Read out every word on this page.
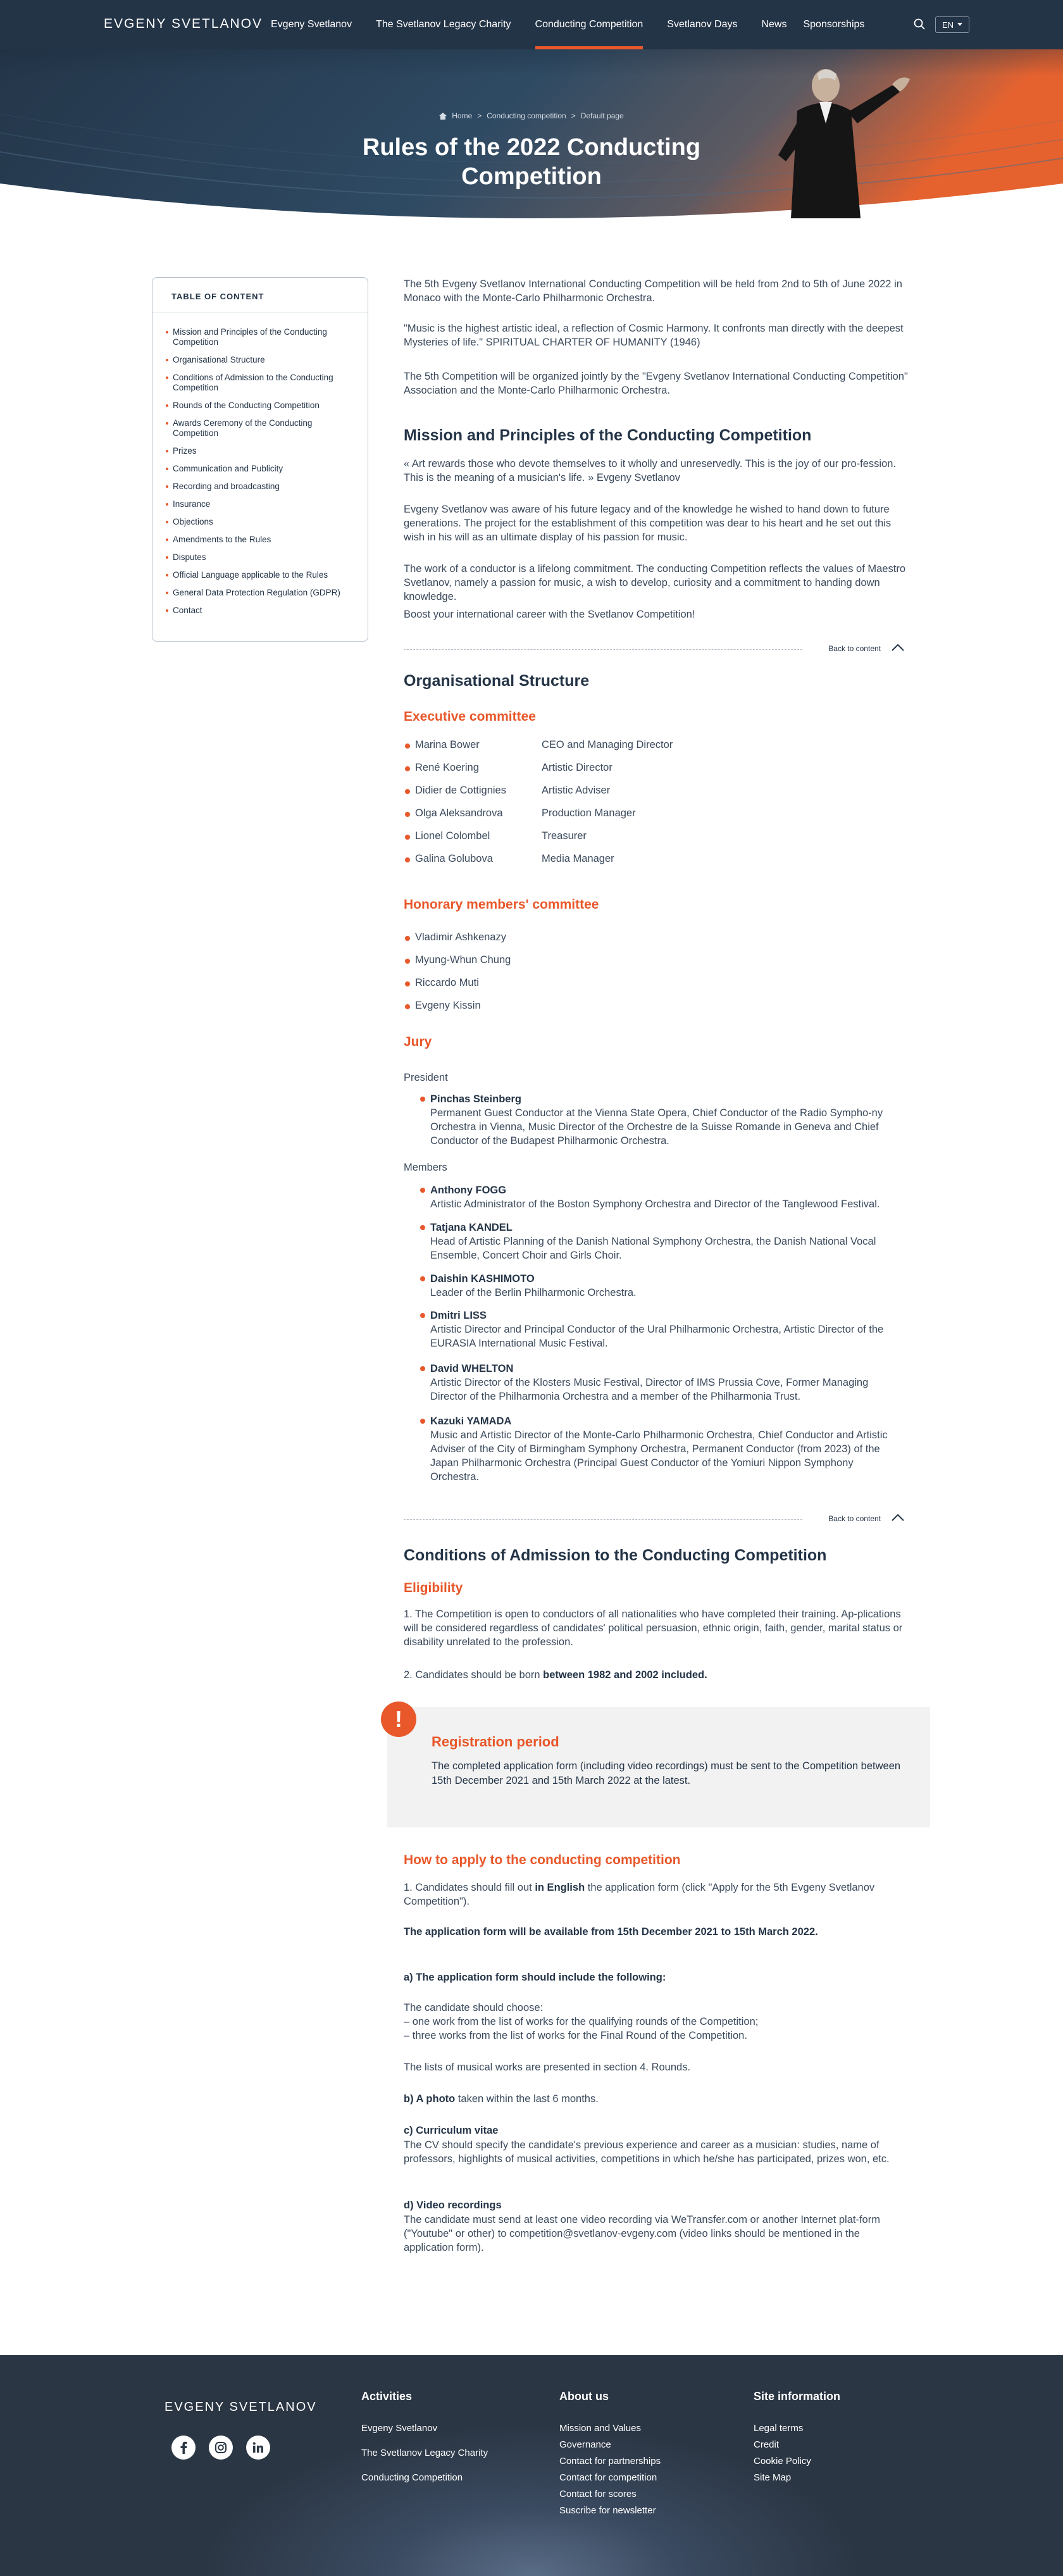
EVGENY SVETLANOV Evgeny Svetlanov The Svetlanov Legacy Charity Conducting Competition Svetlanov Days News Sponsorships	EN
Home > Conducting competition > Default page
Rules of the 2022 Conducting Competition
TABLE OF CONTENT
Mission and Principles of the Conducting Competition
Organisational Structure
Conditions of Admission to the Conducting Competition
Rounds of the Conducting Competition
Awards Ceremony of the Conducting Competition
Prizes
Communication and Publicity
Recording and broadcasting
Insurance
Objections
Amendments to the Rules
Disputes
Official Language applicable to the Rules
General Data Protection Regulation (GDPR)
Contact
The 5th Evgeny Svetlanov International Conducting Competition will be held from 2nd to 5th of June 2022 in Monaco with the Monte-Carlo Philharmonic Orchestra.
"Music is the highest artistic ideal, a reflection of Cosmic Harmony. It confronts man directly with the deepest Mysteries of life." SPIRITUAL CHARTER OF HUMANITY (1946)
The 5th Competition will be organized jointly by the "Evgeny Svetlanov International Conducting Competition" Association and the Monte-Carlo Philharmonic Orchestra.
Mission and Principles of the Conducting Competition
« Art rewards those who devote themselves to it wholly and unreservedly. This is the joy of our pro-fession. This is the meaning of a musician's life. » Evgeny Svetlanov
Evgeny Svetlanov was aware of his future legacy and of the knowledge he wished to hand down to future generations. The project for the establishment of this competition was dear to his heart and he set out this wish in his will as an ultimate display of his passion for music.
The work of a conductor is a lifelong commitment. The conducting Competition reflects the values of Maestro Svetlanov, namely a passion for music, a wish to develop, curiosity and a commitment to handing down knowledge.
Boost your international career with the Svetlanov Competition!
Back to content
Organisational Structure
Executive committee
Marina Bower	CEO and Managing Director
René Koering	Artistic Director
Didier de Cottignies	Artistic Adviser
Olga Aleksandrova	Production Manager
Lionel Colombel	Treasurer
Galina Golubova	Media Manager
Honorary members' committee
Vladimir Ashkenazy
Myung-Whun Chung
Riccardo Muti
Evgeny Kissin
Jury
President
Pinchas Steinberg
Permanent Guest Conductor at the Vienna State Opera, Chief Conductor of the Radio Sympho-ny Orchestra in Vienna, Music Director of the Orchestre de la Suisse Romande in Geneva and Chief Conductor of the Budapest Philharmonic Orchestra.
Members
Anthony FOGG
Artistic Administrator of the Boston Symphony Orchestra and Director of the Tanglewood Festival.
Tatjana KANDEL
Head of Artistic Planning of the Danish National Symphony Orchestra, the Danish National Vocal Ensemble, Concert Choir and Girls Choir.
Daishin KASHIMOTO
Leader of the Berlin Philharmonic Orchestra.
Dmitri LISS
Artistic Director and Principal Conductor of the Ural Philharmonic Orchestra, Artistic Director of the EURASIA International Music Festival.
David WHELTON
Artistic Director of the Klosters Music Festival, Director of IMS Prussia Cove, Former Managing Director of the Philharmonia Orchestra and a member of the Philharmonia Trust.
Kazuki YAMADA
Music and Artistic Director of the Monte-Carlo Philharmonic Orchestra, Chief Conductor and Artistic Adviser of the City of Birmingham Symphony Orchestra, Permanent Conductor (from 2023) of the Japan Philharmonic Orchestra (Principal Guest Conductor of the Yomiuri Nippon Symphony Orchestra.
Back to content
Conditions of Admission to the Conducting Competition
Eligibility
1. The Competition is open to conductors of all nationalities who have completed their training. Ap-plications will be considered regardless of candidates' political persuasion, ethnic origin, faith, gender, marital status or disability unrelated to the profession.
2. Candidates should be born between 1982 and 2002 included.
!
Registration period
The completed application form (including video recordings) must be sent to the Competition between 15th December 2021 and 15th March 2022 at the latest.
How to apply to the conducting competition
1. Candidates should fill out in English the application form (click "Apply for the 5th Evgeny Svetlanov Competition").
The application form will be available from 15th December 2021 to 15th March 2022.
a) The application form should include the following:
The candidate should choose:
– one work from the list of works for the qualifying rounds of the Competition;
– three works from the list of works for the Final Round of the Competition.
The lists of musical works are presented in section 4. Rounds.
b) A photo taken within the last 6 months.
c) Curriculum vitae
The CV should specify the candidate's previous experience and career as a musician: studies, name of professors, highlights of musical activities, competitions in which he/she has participated, prizes won, etc.
d) Video recordings
The candidate must send at least one video recording via WeTransfer.com or another Internet plat-form ("Youtube" or other) to competition@svetlanov-evgeny.com (video links should be mentioned in the application form).
EVGENY SVETLANOV
Activities
Evgeny Svetlanov
The Svetlanov Legacy Charity
Conducting Competition
About us
Mission and Values
Governance
Contact for partnerships
Contact for competition
Contact for scores
Suscribe for newsletter
Site information
Legal terms
Credit
Cookie Policy
Site Map
